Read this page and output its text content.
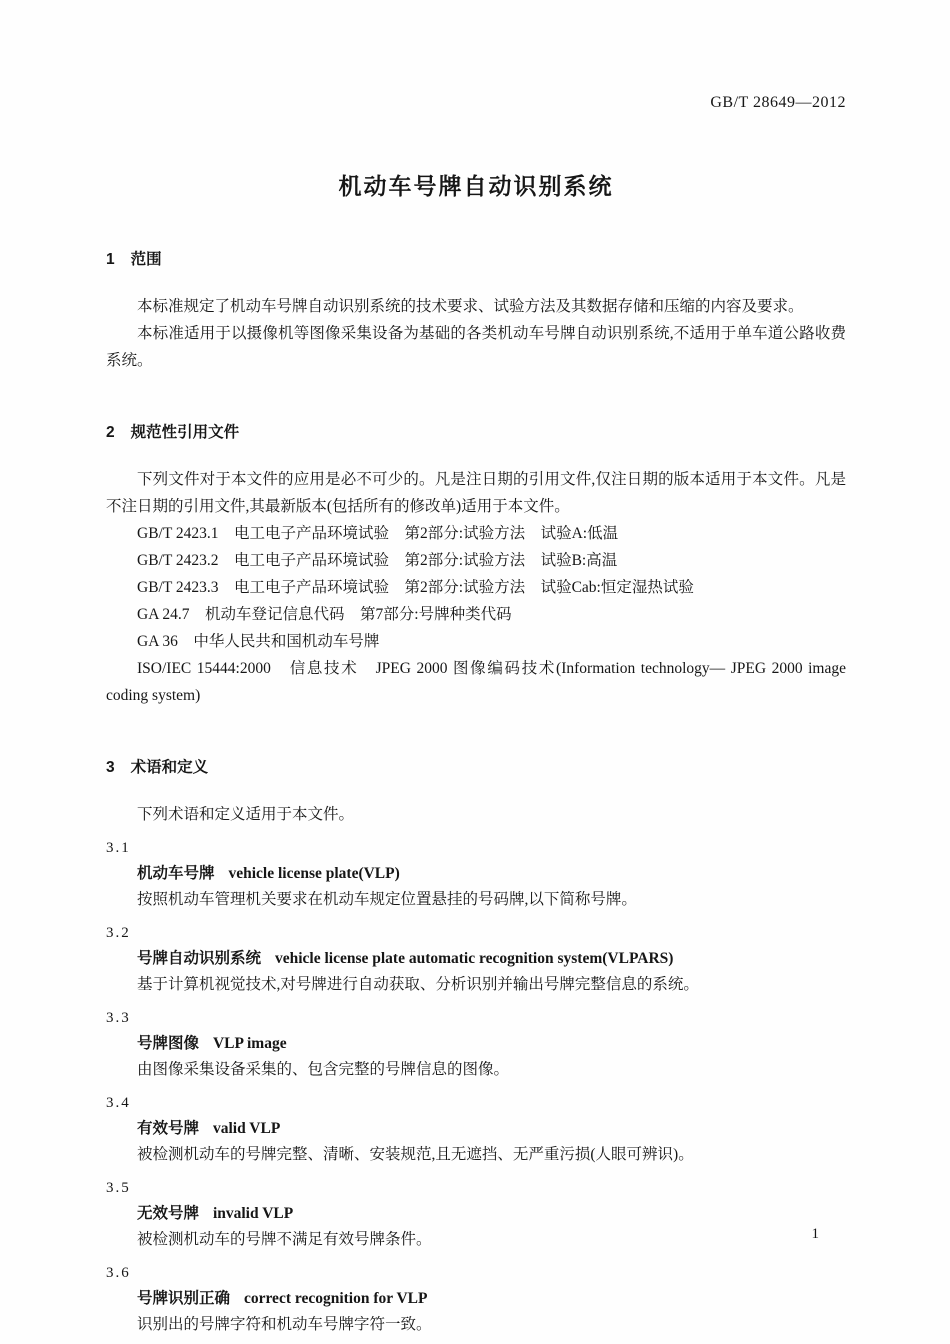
GB/T 28649—2012
机动车号牌自动识别系统
1 范围

本标准规定了机动车号牌自动识别系统的技术要求、试验方法及其数据存储和压缩的内容及要求。

本标准适用于以摄像机等图像采集设备为基础的各类机动车号牌自动识别系统,不适用于单车道公路收费系统。

2 规范性引用文件

下列文件对于本文件的应用是必不可少的。凡是注日期的引用文件,仅注日期的版本适用于本文件。凡是不注日期的引用文件,其最新版本(包括所有的修改单)适用于本文件。

GB/T 2423.1　电工电子产品环境试验　第2部分:试验方法　试验A:低温

GB/T 2423.2　电工电子产品环境试验　第2部分:试验方法　试验B:高温

GB/T 2423.3　电工电子产品环境试验　第2部分:试验方法　试验Cab:恒定湿热试验

GA 24.7　机动车登记信息代码　第7部分:号牌种类代码

GA 36　中华人民共和国机动车号牌

ISO/IEC 15444:2000　信息技术　JPEG 2000 图像编码技术(Information technology— JPEG 2000 image coding system)

3 术语和定义

下列术语和定义适用于本文件。

3.1

机动车号牌 vehicle license plate(VLP)

按照机动车管理机关要求在机动车规定位置悬挂的号码牌,以下简称号牌。

3.2

号牌自动识别系统 vehicle license plate automatic recognition system(VLPARS)

基于计算机视觉技术,对号牌进行自动获取、分析识别并输出号牌完整信息的系统。

3.3

号牌图像 VLP image

由图像采集设备采集的、包含完整的号牌信息的图像。

3.4

有效号牌 valid VLP

被检测机动车的号牌完整、清晰、安装规范,且无遮挡、无严重污损(人眼可辨识)。

3.5

无效号牌 invalid VLP

被检测机动车的号牌不满足有效号牌条件。

3.6

号牌识别正确 correct recognition for VLP

识别出的号牌字符和机动车号牌字符一致。

1
